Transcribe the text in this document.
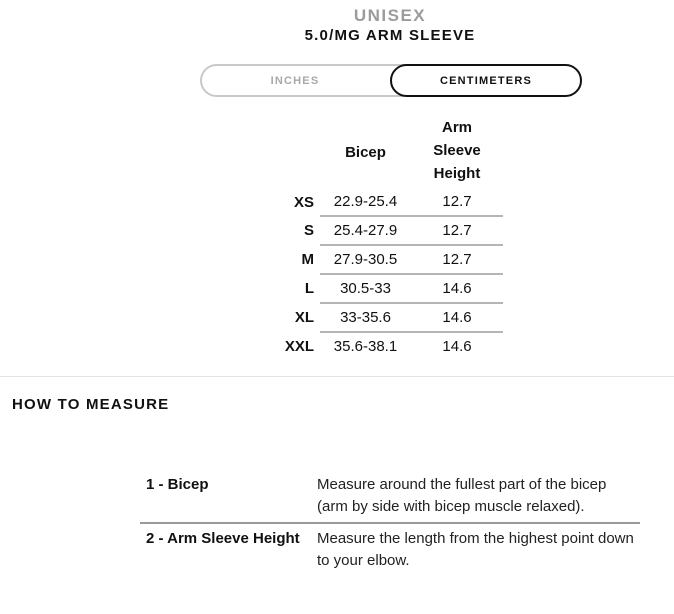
UNISEX
5.0/MG ARM SLEEVE
INCHES	CENTIMETERS
	Bicep	Arm
Sleeve
Height

XS	22.9-25.4	12.7
S	25.4-27.9	12.7
M	27.9-30.5	12.7
L	30.5-33	14.6
XL	33-35.6	14.6
XXL	35.6-38.1	14.6
HOW TO MEASURE
1 - Bicep	Measure around the fullest part of the bicep (arm by side with bicep muscle relaxed).
2 - Arm Sleeve Height	Measure the length from the highest point down to your elbow.
